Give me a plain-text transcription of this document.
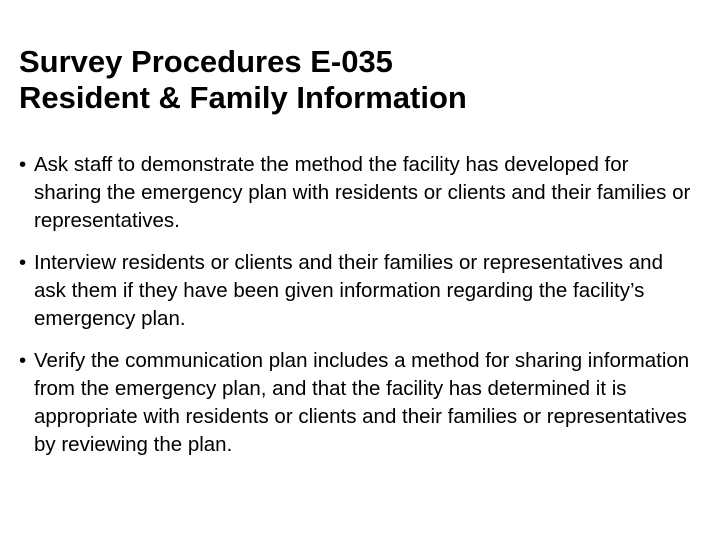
Survey Procedures E-035
Resident & Family Information
• Ask staff to demonstrate the method the facility has developed for sharing the emergency plan with residents or clients and their families or representatives.
• Interview residents or clients and their families or representatives and ask them if they have been given information regarding the facility’s emergency plan.
• Verify the communication plan includes a method for sharing information from the emergency plan, and that the facility has determined it is appropriate with residents or clients and their families or representatives by reviewing the plan.
